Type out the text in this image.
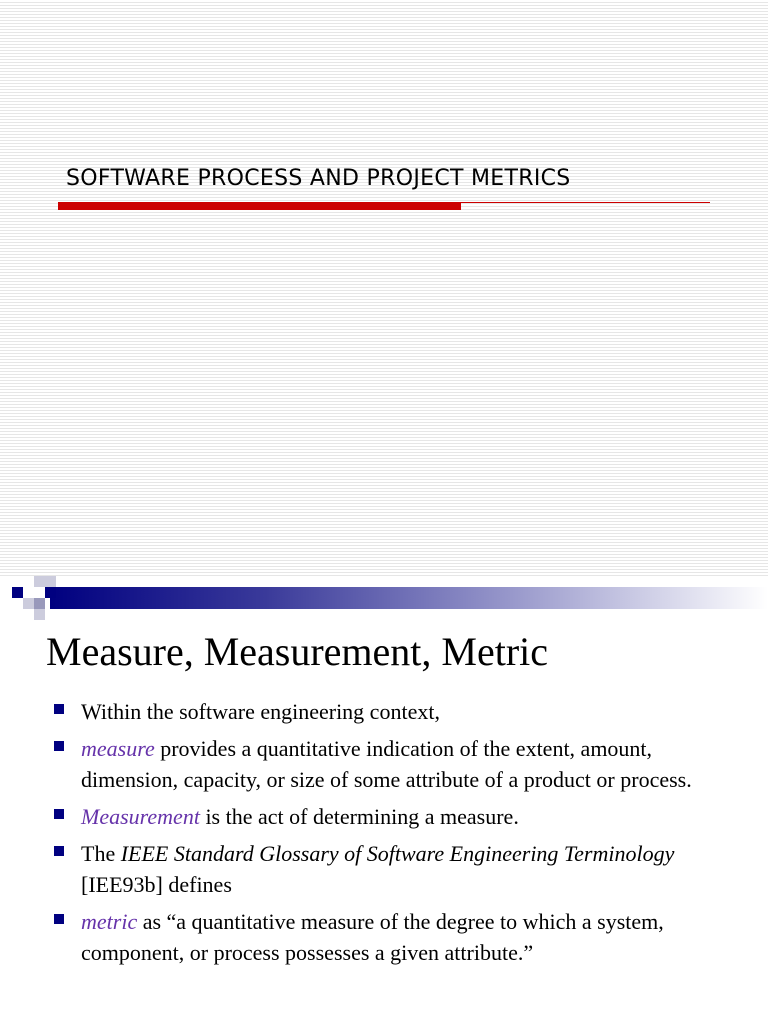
SOFTWARE PROCESS AND PROJECT METRICS
Measure, Measurement, Metric
Within the software engineering context,
measure provides a quantitative indication of the extent, amount, dimension, capacity, or size of some attribute of a product or process.
Measurement is the act of determining a measure.
The IEEE Standard Glossary of Software Engineering Terminology [IEE93b] defines
metric as “a quantitative measure of the degree to which a system, component, or process possesses a given attribute.”
